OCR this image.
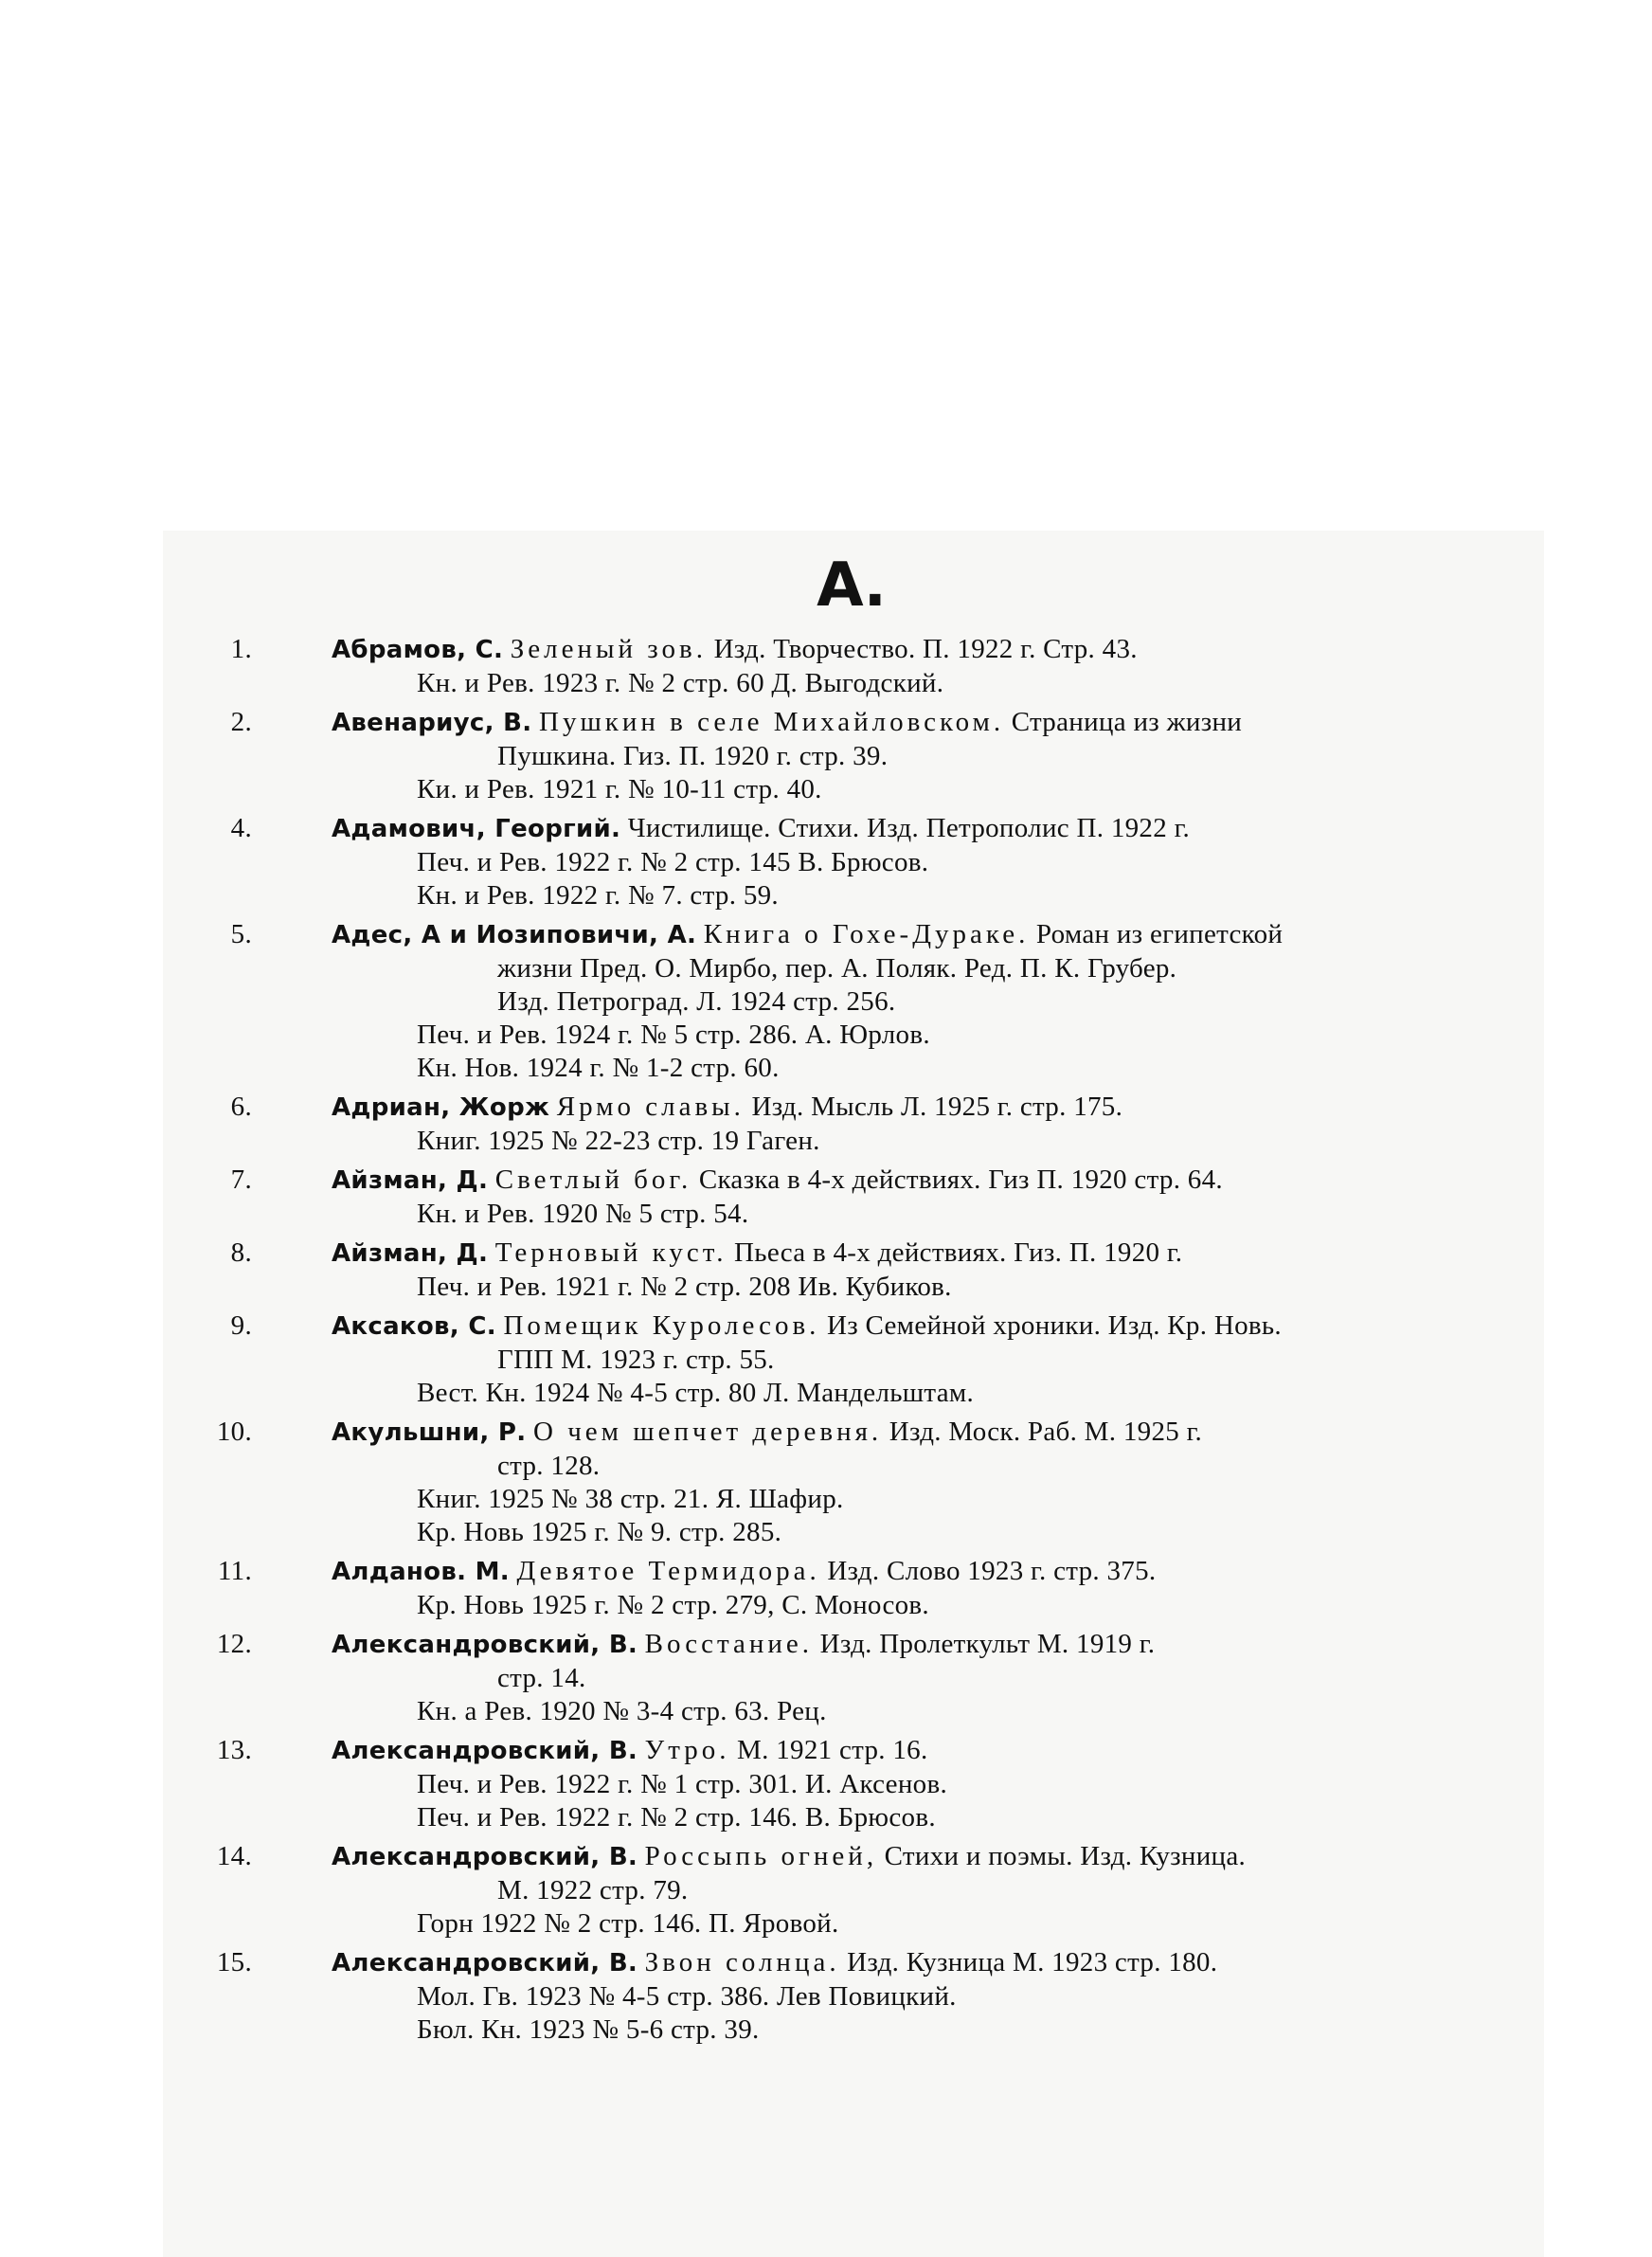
А.
1.	Абрамов, С. Зеленый зов. Изд. Творчество. П. 1922 г. Стр. 43.
Кн. и Рев. 1923 г. № 2 стр. 60 Д. Выгодский.
2.	Авенариус, В. Пушкин в селе Михайловском. Страница из жизни
Пушкина. Гиз. П. 1920 г. стр. 39.
Ки. и Рев. 1921 г. № 10-11 стр. 40.
4.	Адамович, Георгий. Чистилище. Стихи. Изд. Петрополис П. 1922 г.
Печ. и Рев. 1922 г. № 2 стр. 145 В. Брюсов.
Кн. и Рев. 1922 г. № 7. стр. 59.
5.	Адес, А и Иозиповичи, А. Книга о Гохе-Дураке. Роман из египетской
жизни Пред. О. Мирбо, пер. А. Поляк. Ред. П. К. Грубер.
Изд. Петроград. Л. 1924 стр. 256.
Печ. и Рев. 1924 г. № 5 стр. 286. А. Юрлов.
Кн. Нов. 1924 г. № 1-2 стр. 60.
6.	Адриан, Жорж Ярмо славы. Изд. Мысль Л. 1925 г. стр. 175.
Книг. 1925 № 22-23 стр. 19 Гаген.
7.	Айзман, Д. Светлый бог. Сказка в 4-х действиях. Гиз П. 1920 стр. 64.
Кн. и Рев. 1920 № 5 стр. 54.
8.	Айзман, Д. Терновый куст. Пьеса в 4-х действиях. Гиз. П. 1920 г.
Печ. и Рев. 1921 г. № 2 стр. 208 Ив. Кубиков.
9.	Аксаков, С. Помещик Куролесов. Из Семейной хроники. Изд. Кр. Новь.
ГПП М. 1923 г. стр. 55.
Вест. Кн. 1924 № 4-5 стр. 80 Л. Мандельштам.
10.	Акульшни, Р. О чем шепчет деревня. Изд. Моск. Раб. М. 1925 г.
стр. 128.
Книг. 1925 № 38 стр. 21. Я. Шафир.
Кр. Новь 1925 г. № 9. стр. 285.
11.	Алданов. М. Девятое Термидора. Изд. Слово 1923 г. стр. 375.
Кр. Новь 1925 г. № 2 стр. 279, С. Моносов.
12.	Александровский, В. Восстание. Изд. Пролеткульт М. 1919 г.
стр. 14.
Кн. а Рев. 1920 № 3-4 стр. 63. Рец.
13.	Александровский, В. Утро. М. 1921 стр. 16.
Печ. и Рев. 1922 г. № 1 стр. 301. И. Аксенов.
Печ. и Рев. 1922 г. № 2 стр. 146. В. Брюсов.
14.	Александровский, В. Россыпь огней, Стихи и поэмы. Изд. Кузница.
М. 1922 стр. 79.
Горн 1922 № 2 стр. 146. П. Яровой.
15.	Александровский, В. Звон солнца. Изд. Кузница М. 1923 стр. 180.
Мол. Гв. 1923 № 4-5 стр. 386. Лев Повицкий.
Бюл. Кн. 1923 № 5-6 стр. 39.
